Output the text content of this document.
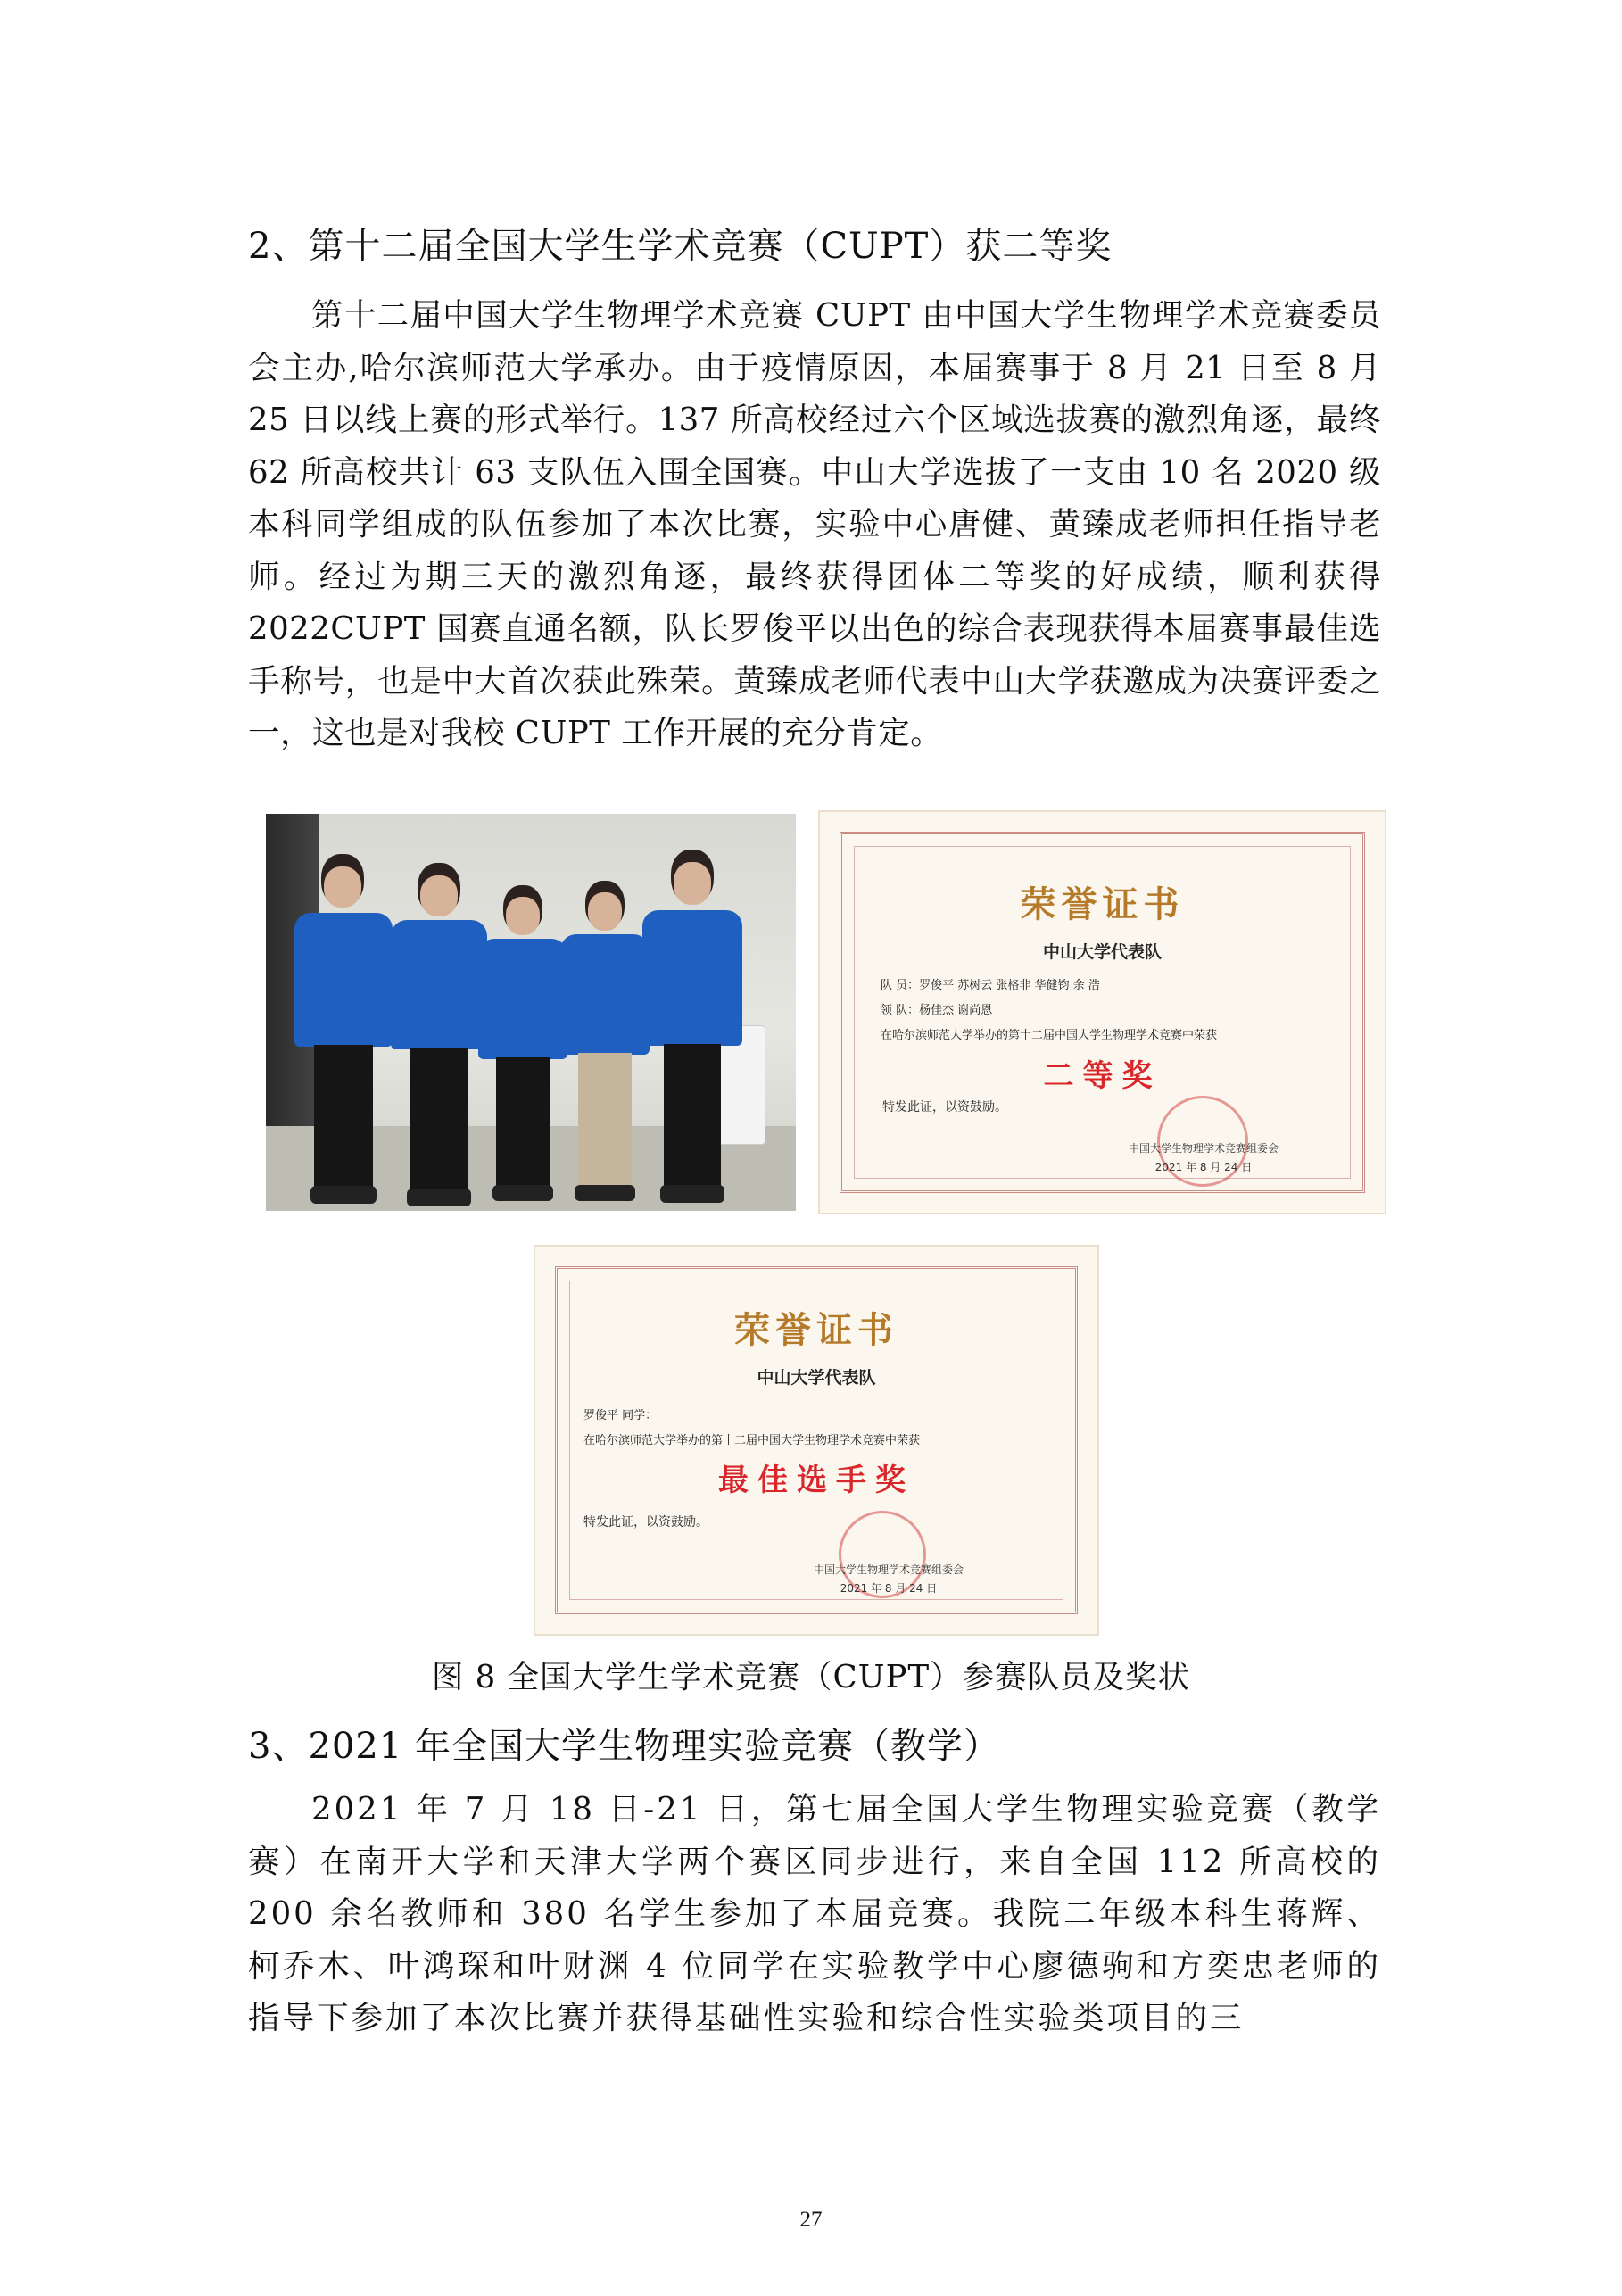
2、第十二届全国大学生学术竞赛（CUPT）获二等奖
第十二届中国大学生物理学术竞赛 CUPT 由中国大学生物理学术竞赛委员会主办,哈尔滨师范大学承办。由于疫情原因，本届赛事于 8 月 21 日至 8 月 25 日以线上赛的形式举行。137 所高校经过六个区域选拔赛的激烈角逐，最终 62 所高校共计 63 支队伍入围全国赛。中山大学选拔了一支由 10 名 2020 级本科同学组成的队伍参加了本次比赛，实验中心唐健、黄臻成老师担任指导老师。经过为期三天的激烈角逐，最终获得团体二等奖的好成绩，顺利获得 2022CUPT 国赛直通名额，队长罗俊平以出色的综合表现获得本届赛事最佳选手称号，也是中大首次获此殊荣。黄臻成老师代表中山大学获邀成为决赛评委之一，这也是对我校 CUPT 工作开展的充分肯定。
荣誉证书
中山大学代表队
队 员：罗俊平 苏树云 张格非 华健钧 余 浩
领 队：杨佳杰 谢尚恩
在哈尔滨师范大学举办的第十二届中国大学生物理学术竞赛中荣获
二等奖
特发此证，以资鼓励。
中国大学生物理学术竞赛组委会
2021 年 8 月 24 日
荣誉证书
中山大学代表队
罗俊平 同学：
在哈尔滨师范大学举办的第十二届中国大学生物理学术竞赛中荣获
最佳选手奖
特发此证，以资鼓励。
中国大学生物理学术竞赛组委会
2021 年 8 月 24 日
图 8 全国大学生学术竞赛（CUPT）参赛队员及奖状
3、2021 年全国大学生物理实验竞赛（教学）
2021 年 7 月 18 日-21 日，第七届全国大学生物理实验竞赛（教学赛）在南开大学和天津大学两个赛区同步进行，来自全国 112 所高校的 200 余名教师和 380 名学生参加了本届竞赛。我院二年级本科生蒋辉、柯乔木、叶鸿琛和叶财渊 4 位同学在实验教学中心廖德驹和方奕忠老师的指导下参加了本次比赛并获得基础性实验和综合性实验类项目的三
27
